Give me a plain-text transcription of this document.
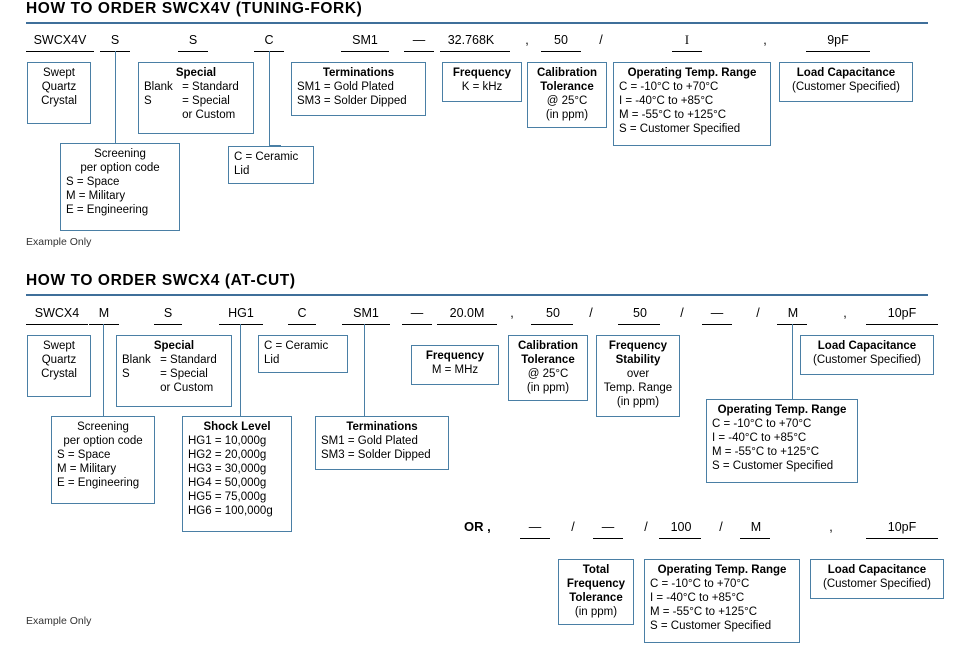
HOW TO ORDER SWCX4V (TUNING-FORK)
SWCX4V	S	S	C	SM1	—	32.768K	,	50	/	I	,	9pF
Swept
Quartz
Crystal
Special
Blank	= Standard
S	= Special
	or Custom
Terminations
SM1 = Gold Plated
SM3 = Solder Dipped
Frequency
K = kHz
Calibration
Tolerance
@ 25°C
(in ppm)
Operating Temp. Range
C = -10°C to +70°C
I = -40°C to +85°C
M = -55°C to +125°C
S = Customer Specified
Load Capacitance
(Customer Specified)
Screening
per option code
S = Space
M = Military
E = Engineering
C = Ceramic
Lid
Example Only
HOW TO ORDER SWCX4 (AT-CUT)
SWCX4	M	S	HG1	C	SM1	—	20.0M	,	50	/	50	/	—	/	M	,	10pF
Swept
Quartz
Crystal
Special
Blank	= Standard
S	= Special
	or Custom
C = Ceramic
Lid	Frequency
M = MHz
Calibration
Tolerance
@ 25°C
(in ppm)
Frequency
Stability
over
Temp. Range
(in ppm)
Load Capacitance
(Customer Specified)
Screening
per option code
S = Space
M = Military
E = Engineering
Shock Level
HG1 = 10,000g
HG2 = 20,000g
HG3 = 30,000g
HG4 = 50,000g
HG5 = 75,000g
HG6 = 100,000g
Terminations
SM1 = Gold Plated
SM3 = Solder Dipped
Operating Temp. Range
C = -10°C to +70°C
I = -40°C to +85°C
M = -55°C to +125°C
S = Customer Specified
OR ,	—	/	—	/	100	/	M	,	10pF
Total
Frequency
Tolerance
(in ppm)
Operating Temp. Range
C = -10°C to +70°C
I = -40°C to +85°C
M = -55°C to +125°C
S = Customer Specified
Load Capacitance
(Customer Specified)
Example Only
